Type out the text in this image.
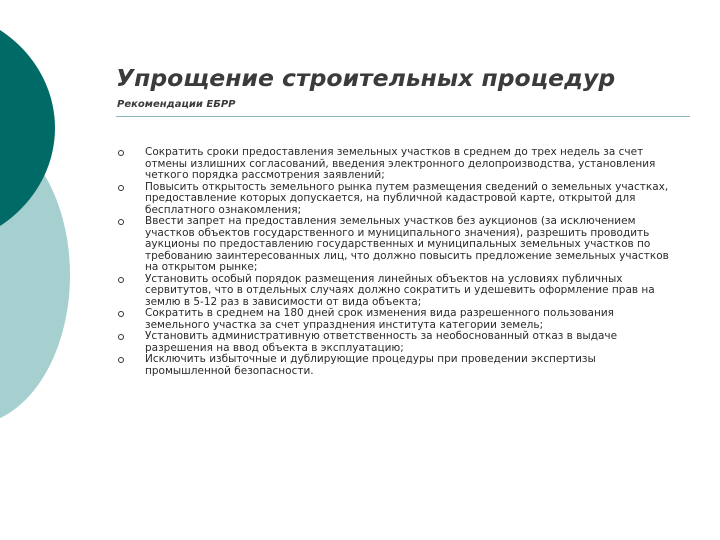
Упрощение строительных процедур
Рекомендации ЕБРР
Сократить сроки предоставления земельных участков в среднем до трех недель за счет отмены излишних согласований, введения электронного делопроизводства, установления четкого порядка рассмотрения заявлений;
Повысить открытость земельного рынка путем размещения сведений о земельных участках, предоставление которых допускается, на публичной кадастровой карте, открытой для бесплатного ознакомления;
Ввести запрет на предоставления земельных участков без аукционов (за исключением участков объектов государственного и муниципального значения), разрешить проводить аукционы по предоставлению государственных и муниципальных земельных участков по требованию заинтересованных лиц, что должно повысить предложение земельных участков на открытом рынке;
Установить особый порядок размещения линейных объектов на условиях публичных сервитутов, что в отдельных случаях должно сократить и удешевить оформление прав на землю в 5-12 раз в зависимости от вида объекта;
Сократить в среднем на 180 дней срок изменения вида разрешенного пользования земельного участка за счет упразднения института категории земель;
Установить административную ответственность за необоснованный отказ в выдаче разрешения на ввод объекта в эксплуатацию;
Исключить избыточные и дублирующие процедуры при проведении экспертизы промышленной безопасности.
